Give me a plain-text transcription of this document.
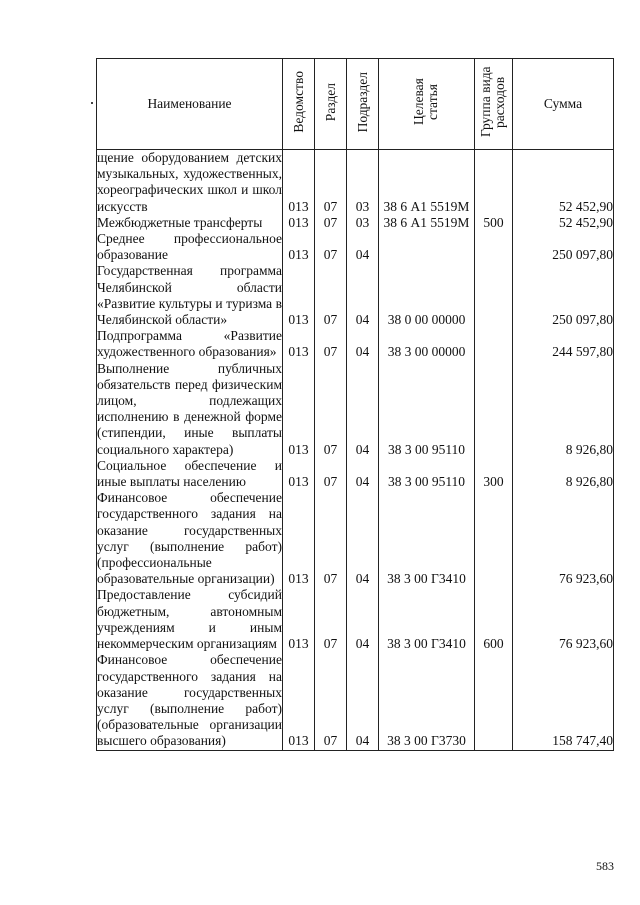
Наименование	Ведомство	Раздел	Подраздел	Целевая статья	Группа вида расходов	Сумма
щение оборудованием детских музыкальных, художественных, хореографических школ и школ искусств	013	07	03	38 6 А1 5519М		52 452,90
Межбюджетные трансферты	013	07	03	38 6 А1 5519М	500	52 452,90
Среднее профессиональное образование	013	07	04			250 097,80
Государственная программа Челябинской области «Развитие культуры и туризма в Челябинской области»	013	07	04	38 0 00 00000		250 097,80
Подпрограмма «Развитие художественного образования»	013	07	04	38 3 00 00000		244 597,80
Выполнение публичных обязательств перед физическим лицом, подлежащих исполнению в денежной форме (стипендии, иные выплаты социального характера)	013	07	04	38 3 00 95110		8 926,80
Социальное обеспечение и иные выплаты населению	013	07	04	38 3 00 95110	300	8 926,80
Финансовое обеспечение государственного задания на оказание государственных услуг (выполнение работ) (профессиональные образовательные организации)	013	07	04	38 3 00 Г3410		76 923,60
Предоставление субсидий бюджетным, автономным учреждениям и иным некоммерческим организациям	013	07	04	38 3 00 Г3410	600	76 923,60
Финансовое обеспечение государственного задания на оказание государственных услуг (выполнение работ) (образовательные организации высшего образования)	013	07	04	38 3 00 Г3730		158 747,40
583
